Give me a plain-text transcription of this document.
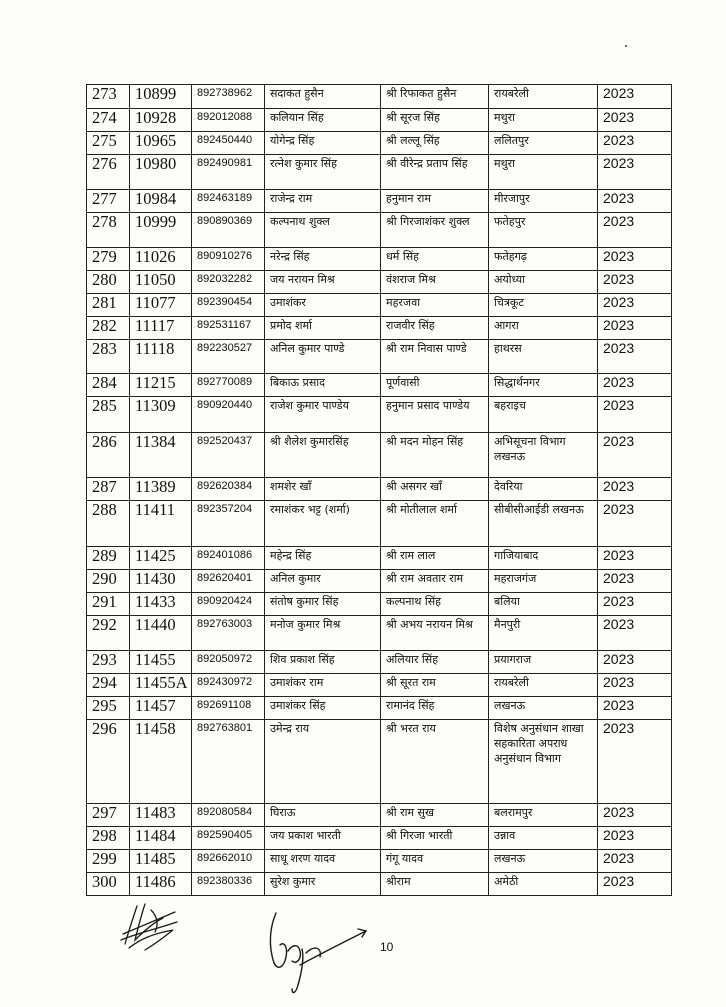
273	10899	892738962	सदाकत हुसैन	श्री रिफाकत हुसैन	रायबरेली	2023
274	10928	892012088	कलियान सिंह	श्री सूरज सिंह	मथुरा	2023
275	10965	892450440	योगेन्द्र सिंह	श्री लल्लू सिंह	ललितपुर	2023
276	10980	892490981	रत्नेश कुमार सिंह	श्री वीरेन्द्र प्रताप सिंह	मथुरा	2023
277	10984	892463189	राजेन्द्र राम	हनुमान राम	मीरजापुर	2023
278	10999	890890369	कल्पनाथ शुक्ल	श्री गिरजाशंकर शुक्ल	फतेहपुर	2023
279	11026	890910276	नरेन्द्र सिंह	धर्म सिंह	फतेहगढ़	2023
280	11050	892032282	जय नरायन मिश्र	वंशराज मिश्र	अयोध्या	2023
281	11077	892390454	उमाशंकर	महरजवा	चित्रकूट	2023
282	11117	892531167	प्रमोद शर्मा	राजवीर सिंह	आगरा	2023
283	11118	892230527	अनिल कुमार पाण्डे	श्री राम निवास पाण्डे	हाथरस	2023
284	11215	892770089	बिकाऊ प्रसाद	पूर्णवासी	सिद्धार्थनगर	2023
285	11309	890920440	राजेश कुमार पाण्डेय	हनुमान प्रसाद पाण्डेय	बहराइच	2023
286	11384	892520437	श्री शैलेश कुमारसिंह	श्री मदन मोहन सिंह	अभिसूचना विभाग लखनऊ	2023
287	11389	892620384	शमशेर खाँ	श्री असगर खाँ	देवरिया	2023
288	11411	892357204	रमाशंकर भट्ट (शर्मा)	श्री मोतीलाल शर्मा	सीबीसीआईडी लखनऊ	2023
289	11425	892401086	महेन्द्र सिंह	श्री राम लाल	गाजियाबाद	2023
290	11430	892620401	अनिल कुमार	श्री राम अवतार राम	महराजगंज	2023
291	11433	890920424	संतोष कुमार सिंह	कल्पनाथ सिंह	बलिया	2023
292	11440	892763003	मनोज कुमार मिश्र	श्री अभय नरायन मिश्र	मैनपुरी	2023
293	11455	892050972	शिव प्रकाश सिंह	अलियार सिंह	प्रयागराज	2023
294	11455A	892430972	उमाशंकर राम	श्री सूरत राम	रायबरेली	2023
295	11457	892691108	उमाशंकर सिंह	रामानंद सिंह	लखनऊ	2023
296	11458	892763801	उमेन्द्र राय	श्री भरत राय	विशेष अनुसंधान शाखा सहकारिता अपराध अनुसंधान विभाग	2023
297	11483	892080584	घिराऊ	श्री राम सुख	बलरामपुर	2023
298	11484	892590405	जय प्रकाश भारती	श्री गिरजा भारती	उन्नाव	2023
299	11485	892662010	साधू शरण यादव	गंगू यादव	लखनऊ	2023
300	11486	892380336	सुरेश कुमार	श्रीराम	अमेठी	2023
10
